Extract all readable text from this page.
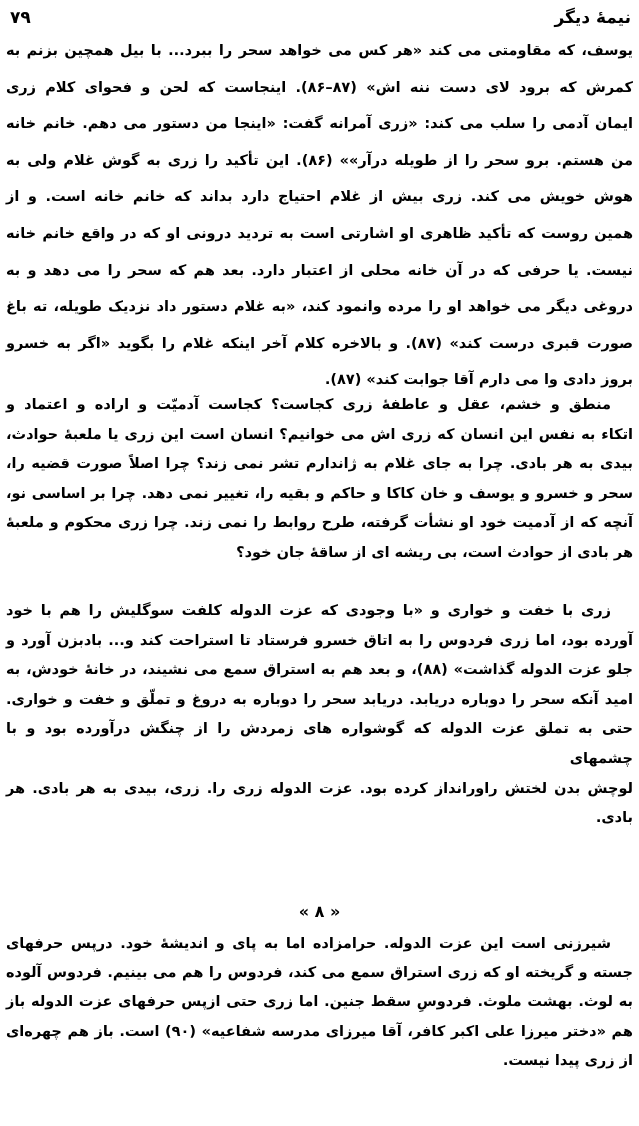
نیمهٔ دیگر
۷۹
یوسف، که مقاومتی می کند «هر کس می خواهد سحر را ببرد... با بیل همچین بزنم به
کمرش که برود لای دست ننه اش» (۸۷–۸۶). اینجاست که لحن و فحوای کلام زری
ایمان آدمی را سلب می کند: «زری آمرانه گفت: «اینجا من دستور می دهم. خانم خانه
من هستم. برو سحر را از طویله درآر»» (۸۶). این تأکید را زری به گوش غلام ولی به
هوش خویش می کند. زری بیش از غلام احتیاج دارد بداند که خانم خانه است. و از
همین روست که تأکید ظاهری او اشارتی است به تردید درونی او که در واقع خانم خانه
نیست. یا حرفی که در آن خانه محلی از اعتبار دارد. بعد هم که سحر را می دهد و به
دروغی دیگر می خواهد او را مرده وانمود کند، «به غلام دستور داد نزدیک طویله، ته باغ
صورت قبری درست کند» (۸۷). و بالاخره کلام آخر اینکه غلام را بگوید «اگر به خسرو
بروز دادی وا می دارم آقا جوابت کند» (۸۷).
منطق و خشم، عقل و عاطفهٔ زری کجاست؟ کجاست آدمیّت و اراده و اعتماد و
اتکاء به نفس این انسان که زری اش می خوانیم؟ انسان است این زری یا ملعبهٔ حوادث،
بیدی به هر بادی. چرا به جای غلام به ژاندارم تشر نمی زند؟ چرا اصلاً صورت قضیه را،
سحر و خسرو و یوسف و خان کاکا و حاکم و بقیه را، تغییر نمی دهد. چرا بر اساسی نو،
آنچه که از آدمیت خود او نشأت گرفته، طرح روابط را نمی زند. چرا زری محکوم و ملعبهٔ
هر بادی از حوادث است، بی ریشه ای از ساقهٔ جان خود؟
زری با خفت و خواری و «با وجودی که عزت الدوله کلفت سوگلیش را هم با خود
آورده بود، اما زری فردوس را به اتاق خسرو فرستاد تا استراحت کند و... بادبزن آورد و
جلو عزت الدوله گذاشت» (۸۸)، و بعد هم به استراق سمع می نشیند، در خانهٔ خودش، به
امید آنکه سحر را دوباره دریابد. دریابد سحر را دوباره به دروغ و تملّق و خفت و خواری.
حتی به تملق عزت الدوله که گوشواره های زمردش را از چنگش درآورده بود و با چشمهای
لوچش بدن لختش راورانداز کرده بود. عزت الدوله زری را. زری، بیدی به هر بادی. هر
بادی.
« ۸ »
شیرزنی است این عزت الدوله. حرامزاده اما به پای و اندیشهٔ خود. درپس حرفهای
جسته و گریخته او که زری استراق سمع می کند، فردوس را هم می بینیم. فردوس آلوده
به لوث. بهشت ملوث. فردوسِ سقط جنین. اما زری حتی ازپس حرفهای عزت الدوله باز
هم «دختر میرزا علی اکبر کافر، آقا میرزای مدرسه شفاعیه» (۹۰) است. باز هم چهره‌ای
از زری پیدا نیست.
